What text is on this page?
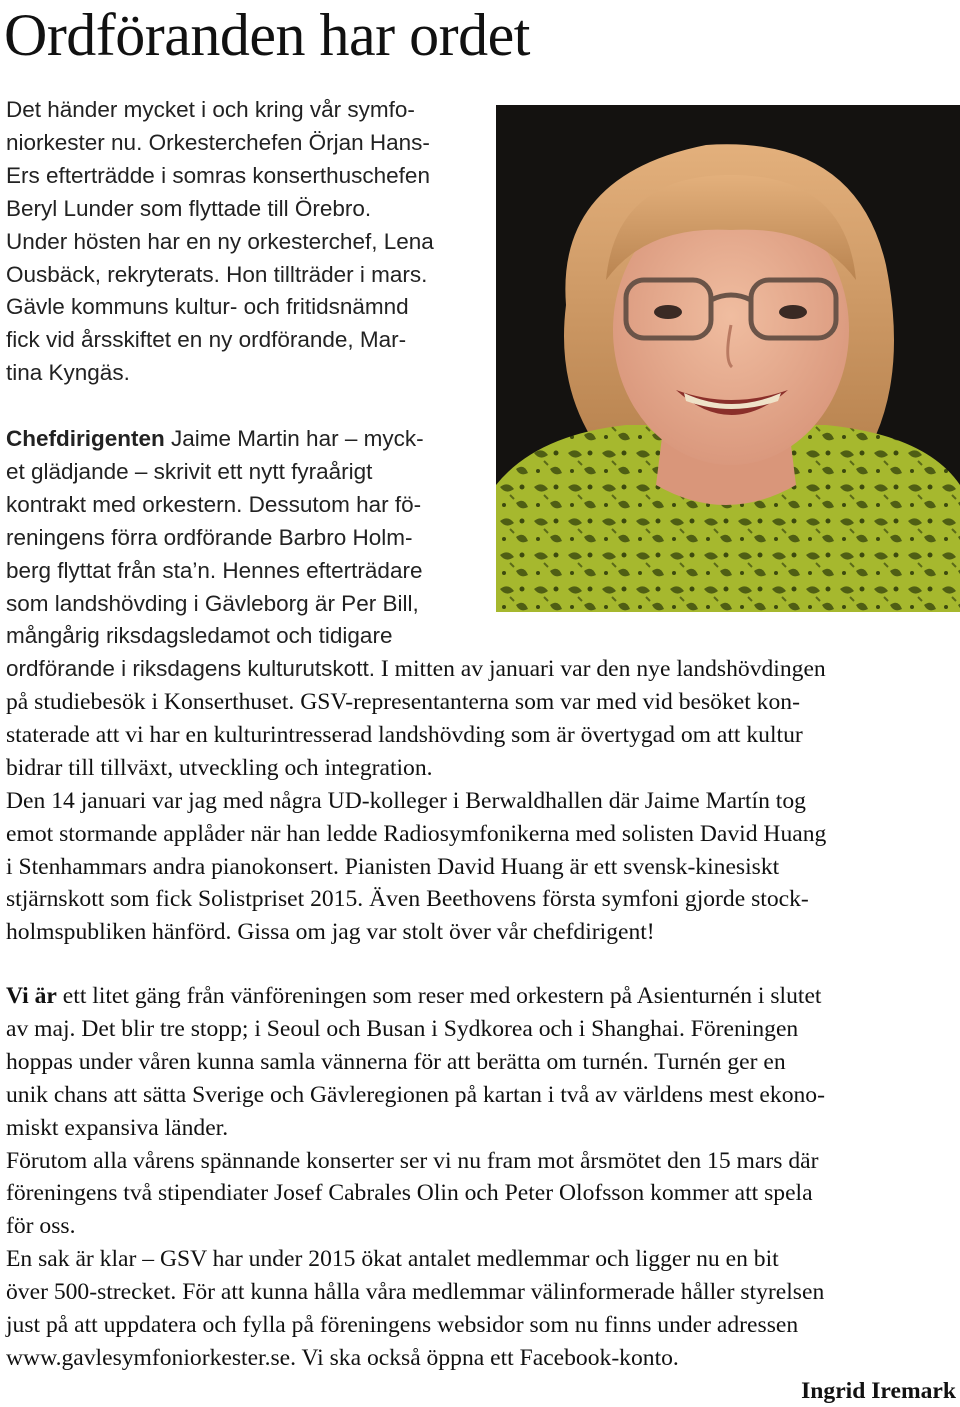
Ordföranden har ordet
Det händer mycket i och kring vår symfo-
niorkester nu. Orkesterchefen Örjan Hans-
Ers efterträdde i somras konserthuschefen
Beryl Lunder som flyttade till Örebro.
Under hösten har en ny orkesterchef, Lena
Ousbäck, rekryterats. Hon tillträder i mars.
Gävle kommuns kultur- och fritidsnämnd
fick vid årsskiftet en ny ordförande, Mar-
tina Kyngäs.
Chefdirigenten Jaime Martin har – myck-
et glädjande – skrivit ett nytt fyraårigt
kontrakt med orkestern. Dessutom har fö-
reningens förra ordförande Barbro Holm-
berg flyttat från sta’n. Hennes efterträdare
som landshövding i Gävleborg är Per Bill,
mångårig riksdagsledamot och tidigare
ordförande i riksdagens kulturutskott. I mitten av januari var den nye landshövdingen
på studiebesök i Konserthuset. GSV-representanterna som var med vid besöket kon-
staterade att vi har en kulturintresserad landshövding som är övertygad om att kultur
bidrar till tillväxt, utveckling och integration.
Den 14 januari var jag med några UD-kolleger i Berwaldhallen där Jaime Martín tog
emot stormande applåder när han ledde Radiosymfonikerna med solisten David Huang
i Stenhammars andra pianokonsert. Pianisten David Huang är ett svensk-kinesiskt
stjärnskott som fick Solistpriset 2015. Även Beethovens första symfoni gjorde stock-
holmspubliken hänförd. Gissa om jag var stolt över vår chefdirigent!
Vi är ett litet gäng från vänföreningen som reser med orkestern på Asienturnén i slutet
av maj. Det blir tre stopp; i Seoul och Busan i Sydkorea och i Shanghai. Föreningen
hoppas under våren kunna samla vännerna för att berätta om turnén. Turnén ger en
unik chans att sätta Sverige och Gävleregionen på kartan i två av världens mest ekono-
miskt expansiva länder.
Förutom alla vårens spännande konserter ser vi nu fram mot årsmötet den 15 mars där
föreningens två stipendiater Josef Cabrales Olin och Peter Olofsson kommer att spela
för oss.
En sak är klar – GSV har under 2015 ökat antalet medlemmar och ligger nu en bit
över 500-strecket. För att kunna hålla våra medlemmar välinformerade håller styrelsen
just på att uppdatera och fylla på föreningens websidor som nu finns under adressen
www.gavlesymfoniorkester.se. Vi ska också öppna ett Facebook-konto.
Ingrid Iremark
